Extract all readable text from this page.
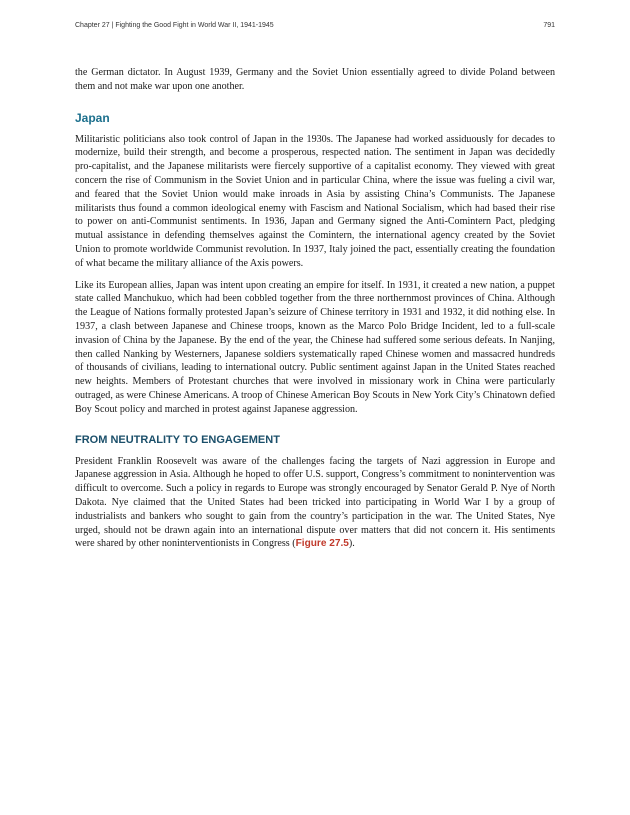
Chapter 27 | Fighting the Good Fight in World War II, 1941-1945	791

the German dictator. In August 1939, Germany and the Soviet Union essentially agreed to divide Poland between them and not make war upon one another.

Japan

Militaristic politicians also took control of Japan in the 1930s. The Japanese had worked assiduously for decades to modernize, build their strength, and become a prosperous, respected nation. The sentiment in Japan was decidedly pro-capitalist, and the Japanese militarists were fiercely supportive of a capitalist economy. They viewed with great concern the rise of Communism in the Soviet Union and in particular China, where the issue was fueling a civil war, and feared that the Soviet Union would make inroads in Asia by assisting China’s Communists. The Japanese militarists thus found a common ideological enemy with Fascism and National Socialism, which had based their rise to power on anti-Communist sentiments. In 1936, Japan and Germany signed the Anti-Comintern Pact, pledging mutual assistance in defending themselves against the Comintern, the international agency created by the Soviet Union to promote worldwide Communist revolution. In 1937, Italy joined the pact, essentially creating the foundation of what became the military alliance of the Axis powers.

Like its European allies, Japan was intent upon creating an empire for itself. In 1931, it created a new nation, a puppet state called Manchukuo, which had been cobbled together from the three northernmost provinces of China. Although the League of Nations formally protested Japan’s seizure of Chinese territory in 1931 and 1932, it did nothing else. In 1937, a clash between Japanese and Chinese troops, known as the Marco Polo Bridge Incident, led to a full-scale invasion of China by the Japanese. By the end of the year, the Chinese had suffered some serious defeats. In Nanjing, then called Nanking by Westerners, Japanese soldiers systematically raped Chinese women and massacred hundreds of thousands of civilians, leading to international outcry. Public sentiment against Japan in the United States reached new heights. Members of Protestant churches that were involved in missionary work in China were particularly outraged, as were Chinese Americans. A troop of Chinese American Boy Scouts in New York City’s Chinatown defied Boy Scout policy and marched in protest against Japanese aggression.

FROM NEUTRALITY TO ENGAGEMENT

President Franklin Roosevelt was aware of the challenges facing the targets of Nazi aggression in Europe and Japanese aggression in Asia. Although he hoped to offer U.S. support, Congress’s commitment to nonintervention was difficult to overcome. Such a policy in regards to Europe was strongly encouraged by Senator Gerald P. Nye of North Dakota. Nye claimed that the United States had been tricked into participating in World War I by a group of industrialists and bankers who sought to gain from the country’s participation in the war. The United States, Nye urged, should not be drawn again into an international dispute over matters that did not concern it. His sentiments were shared by other noninterventionists in Congress (Figure 27.5).
